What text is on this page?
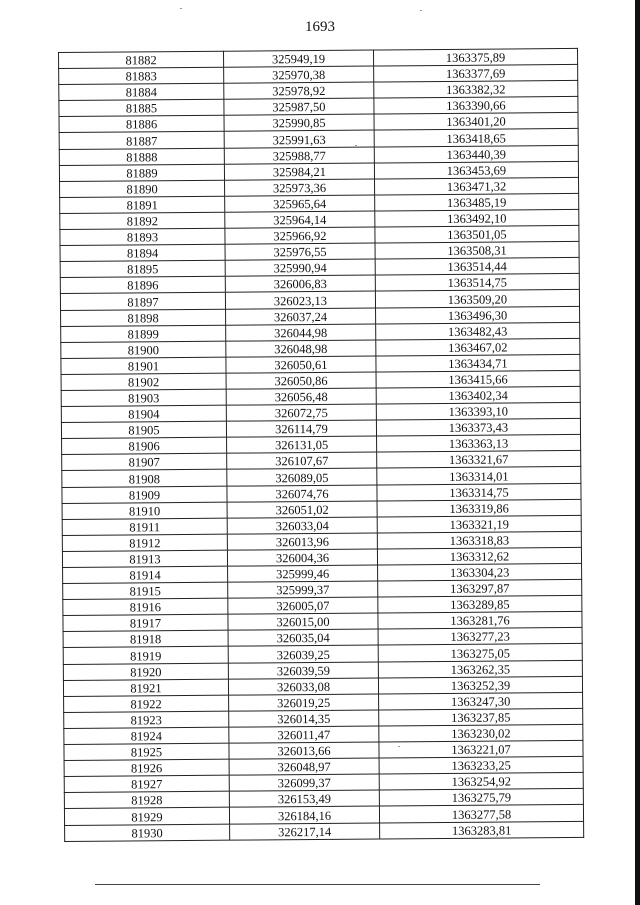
1693
81882	325949,19	1363375,89
81883	325970,38	1363377,69
81884	325978,92	1363382,32
81885	325987,50	1363390,66
81886	325990,85	1363401,20
81887	325991,63	1363418,65
81888	325988,77	1363440,39
81889	325984,21	1363453,69
81890	325973,36	1363471,32
81891	325965,64	1363485,19
81892	325964,14	1363492,10
81893	325966,92	1363501,05
81894	325976,55	1363508,31
81895	325990,94	1363514,44
81896	326006,83	1363514,75
81897	326023,13	1363509,20
81898	326037,24	1363496,30
81899	326044,98	1363482,43
81900	326048,98	1363467,02
81901	326050,61	1363434,71
81902	326050,86	1363415,66
81903	326056,48	1363402,34
81904	326072,75	1363393,10
81905	326114,79	1363373,43
81906	326131,05	1363363,13
81907	326107,67	1363321,67
81908	326089,05	1363314,01
81909	326074,76	1363314,75
81910	326051,02	1363319,86
81911	326033,04	1363321,19
81912	326013,96	1363318,83
81913	326004,36	1363312,62
81914	325999,46	1363304,23
81915	325999,37	1363297,87
81916	326005,07	1363289,85
81917	326015,00	1363281,76
81918	326035,04	1363277,23
81919	326039,25	1363275,05
81920	326039,59	1363262,35
81921	326033,08	1363252,39
81922	326019,25	1363247,30
81923	326014,35	1363237,85
81924	326011,47	1363230,02
81925	326013,66	1363221,07
81926	326048,97	1363233,25
81927	326099,37	1363254,92
81928	326153,49	1363275,79
81929	326184,16	1363277,58
81930	326217,14	1363283,81
